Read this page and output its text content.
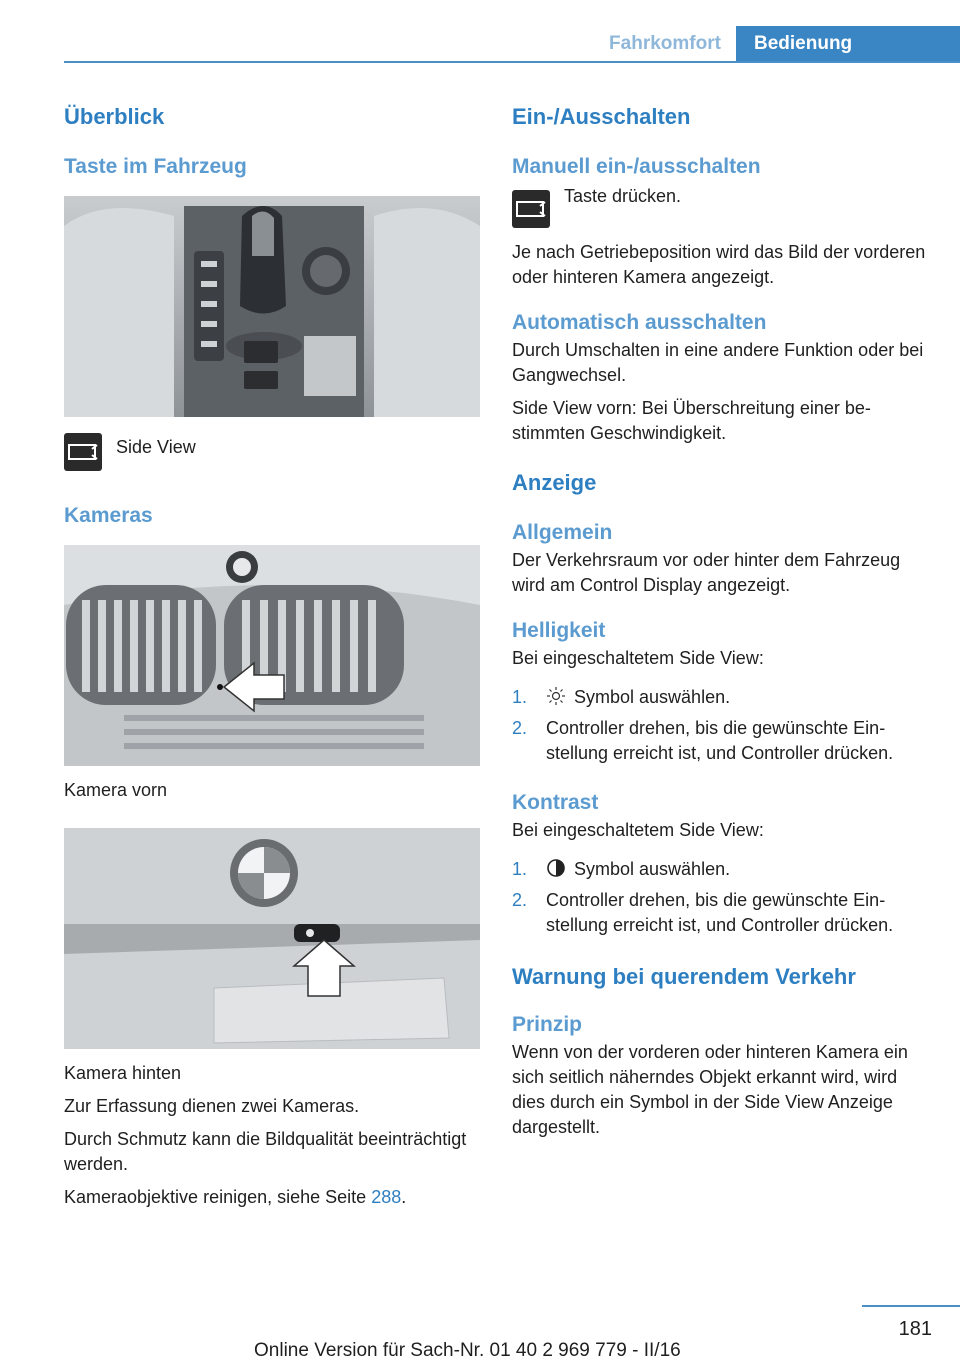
Fahrkomfort	Bedienung
Überblick
Taste im Fahrzeug
Side View
Kameras

Kamera vorn

Kamera hinten

Zur Erfassung dienen zwei Kameras.

Durch Schmutz kann die Bildqualität beeinträchtigt werden.

Kameraobjektive reinigen, siehe Seite 288.

Ein-/Ausschalten
Manuell ein-/ausschalten
Taste drücken.

Je nach Getriebeposition wird das Bild der vorderen oder hinteren Kamera angezeigt.

Automatisch ausschalten

Durch Umschalten in eine andere Funktion oder bei Gangwechsel.

Side View vorn: Bei Überschreitung einer bestimmten Geschwindigkeit.

Anzeige
Allgemein

Der Verkehrsraum vor oder hinter dem Fahrzeug wird am Control Display angezeigt.

Helligkeit

Bei eingeschaltetem Side View:

1.	Symbol auswählen.
2.	Controller drehen, bis die gewünschte Einstellung erreicht ist, und Controller drücken.
Kontrast

Bei eingeschaltetem Side View:

1.	Symbol auswählen.
2.	Controller drehen, bis die gewünschte Einstellung erreicht ist, und Controller drücken.
Warnung bei querendem Verkehr
Prinzip

Wenn von der vorderen oder hinteren Kamera ein sich seitlich näherndes Objekt erkannt wird, wird dies durch ein Symbol in der Side View Anzeige dargestellt.

181
Online Version für Sach-Nr. 01 40 2 969 779 - II/16
